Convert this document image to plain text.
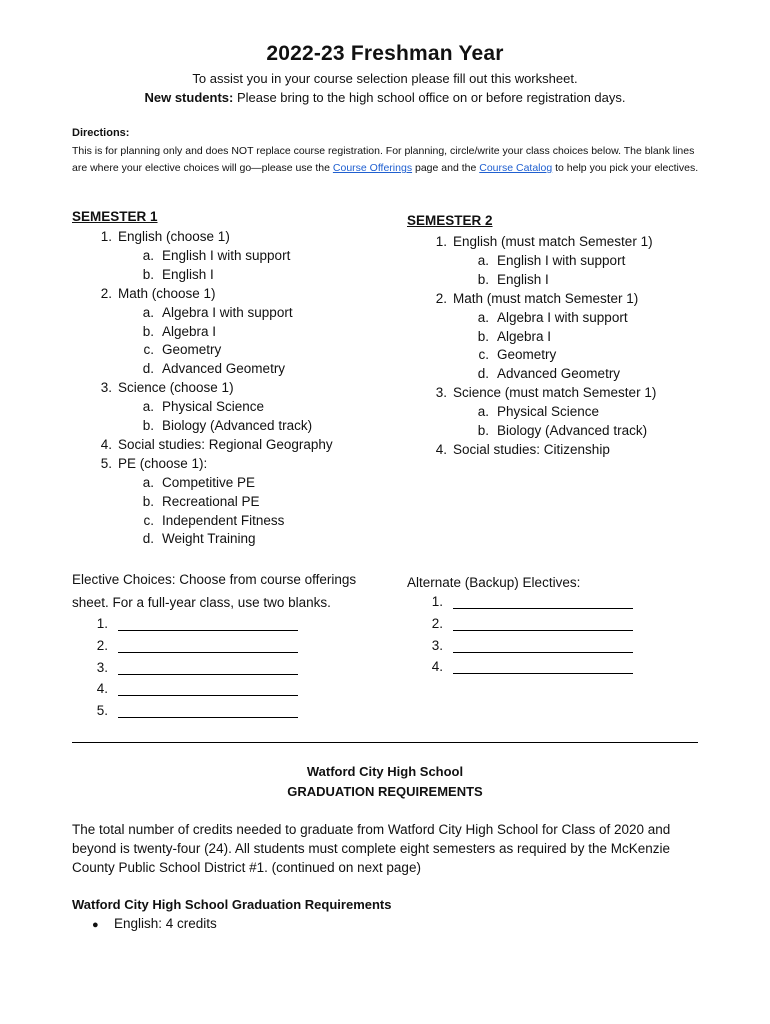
2022-23 Freshman Year
To assist you in your course selection please fill out this worksheet.
New students: Please bring to the high school office on or before registration days.
Directions:
This is for planning only and does NOT replace course registration. For planning, circle/write your class choices below. The blank lines are where your elective choices will go—please use the Course Offerings page and the Course Catalog to help you pick your electives.
SEMESTER 1
1. English (choose 1)
a. English I with support
b. English I
2. Math (choose 1)
a. Algebra I with support
b. Algebra I
c. Geometry
d. Advanced Geometry
3. Science (choose 1)
a. Physical Science
b. Biology (Advanced track)
4. Social studies: Regional Geography
5. PE (choose 1):
a. Competitive PE
b. Recreational PE
c. Independent Fitness
d. Weight Training
SEMESTER 2
1. English (must match Semester 1)
a. English I with support
b. English I
2. Math (must match Semester 1)
a. Algebra I with support
b. Algebra I
c. Geometry
d. Advanced Geometry
3. Science (must match Semester 1)
a. Physical Science
b. Biology (Advanced track)
4. Social studies: Citizenship
Elective Choices: Choose from course offerings
sheet. For a full-year class, use two blanks.
1.
2.
3.
4.
5.
Alternate (Backup) Electives:
1.
2.
3.
4.
Watford City High School
GRADUATION REQUIREMENTS
The total number of credits needed to graduate from Watford City High School for Class of 2020 and beyond is twenty-four (24). All students must complete eight semesters as required by the McKenzie County Public School District #1. (continued on next page)
Watford City High School Graduation Requirements
● English: 4 credits
